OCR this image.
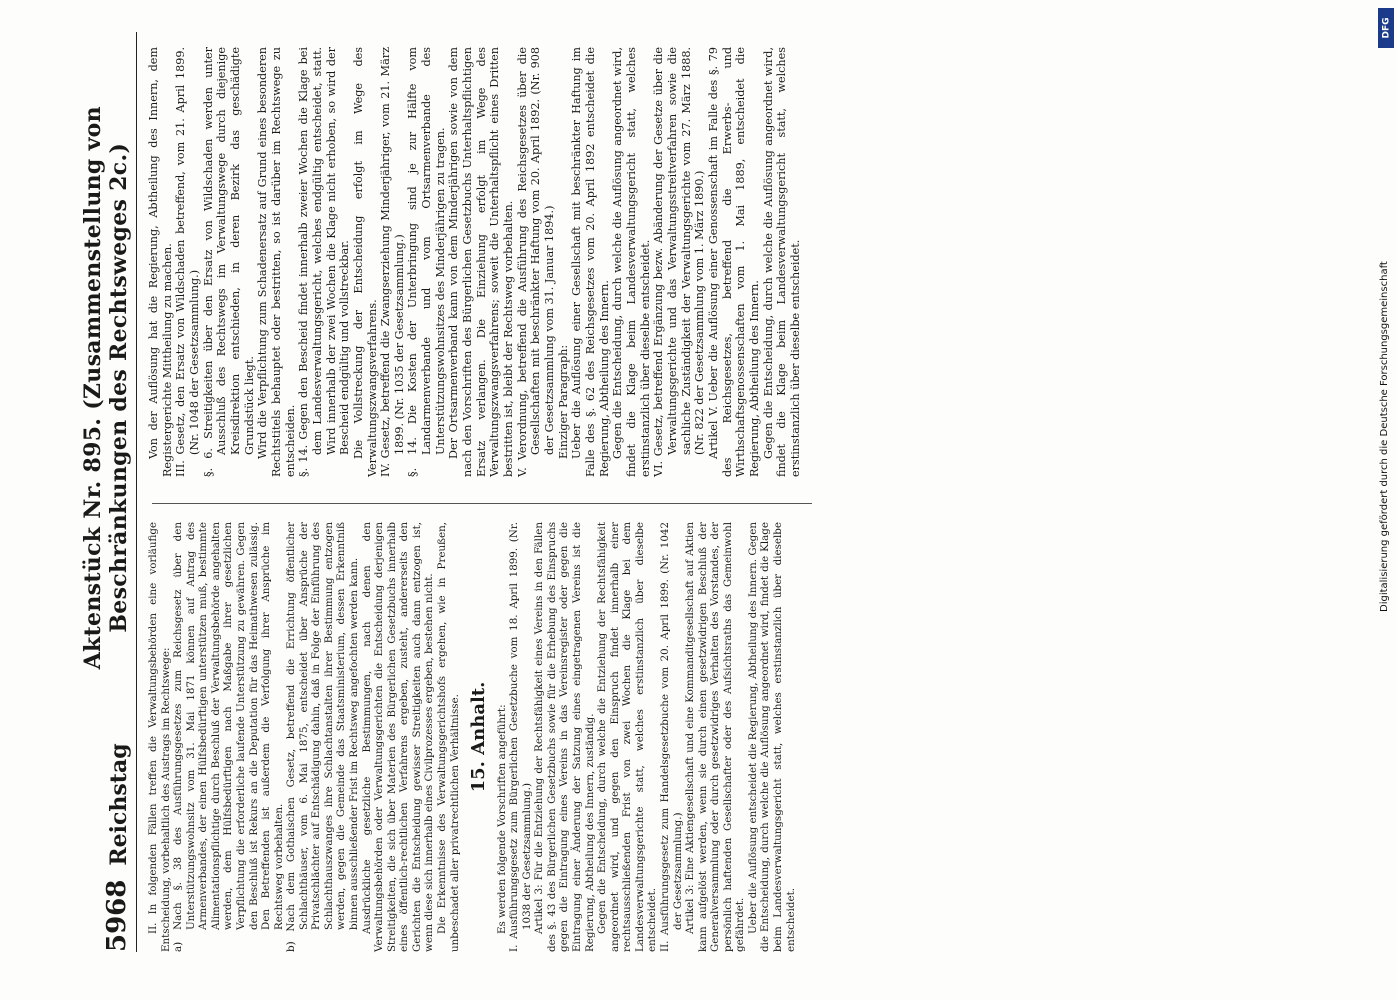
5968
Reichstag
Aktenstück Nr. 895. (Zusammenstellung von Beschränkungen des Rechtsweges 2c.)

II. In folgenden Fällen treffen die Verwaltungsbehörden eine vorläufige Entscheidung, vorbehaltlich des Austrags im Rechtswege: a) Nach §. 38 des Ausführungsgesetzes zum Reichsgesetz über den Unterstützungswohnsitz vom 31. Mai 1871 können auf Antrag des Armenverbandes, der einen Hülfsbedürftigen unterstützen muß, bestimmte Alimentationspflichtige durch Beschluß der Verwaltungsbehörde angehalten werden, dem Hülfsbedürftigen nach Maßgabe ihrer gesetzlichen Verpflichtung die erforderliche laufende Unterstützung zu gewähren. Gegen den Beschluß ist Rekurs an die Deputation für das Heimathwesen zulässig. Den Betreffenden ist außerdem die Verfolgung ihrer Ansprüche im Rechtsweg vorbehalten. b) Nach dem Gothaischen Gesetz, betreffend die Errichtung öffentlicher Schlachthäuser, vom 6. Mai 1875, entscheidet über Ansprüche der Privatschlächter auf Entschädigung dahin, daß in Folge der Einführung des Schlachthauszwanges ihre Schlachtanstalten ihrer Bestimmung entzogen werden, gegen die Gemeinde das Staatsministerium, dessen Erkenntniß binnen ausschließender Frist im Rechtsweg angefochten werden kann. Ausdrückliche gesetzliche Bestimmungen, nach denen den Verwaltungsbehörden oder Verwaltungsgerichten die Entscheidung derjenigen Streitigkeiten, die sich über Materien des Bürgerlichen Gesetzbuchs innerhalb eines öffentlich-rechtlichen Verfahrens ergeben, zusteht, andererseits den Gerichten die Entscheidung gewisser Streitigkeiten auch dann entzogen ist, wenn diese sich innerhalb eines Civilprozesses ergeben, bestehen nicht. Die Erkenntnisse des Verwaltungsgerichtshofs ergehen, wie in Preußen, unbeschadet aller privatrechtlichen Verhältnisse. 15. Anhalt. Es werden folgende Vorschriften angeführt: I. Ausführungsgesetz zum Bürgerlichen Gesetzbuche vom 18. April 1899. (Nr. 1038 der Gesetzsammlung.) Artikel 3: Für die Entziehung der Rechtsfähigkeit eines Vereins in den Fällen des §. 43 des Bürgerlichen Gesetzbuchs sowie für die Erhebung des Einspruchs gegen die Eintragung eines Vereins in das Vereinsregister oder gegen die Eintragung einer Änderung der Satzung eines eingetragenen Vereins ist die Regierung, Abtheilung des Innern, zuständig. Gegen die Entscheidung, durch welche die Entziehung der Rechtsfähigkeit angeordnet wird, und gegen den Einspruch findet innerhalb einer rechtsausschließenden Frist von zwei Wochen die Klage bei dem Landesverwaltungsgerichte statt, welches erstinstanzlich über dieselbe entscheidet. II. Ausführungsgesetz zum Handelsgesetzbuche vom 20. April 1899. (Nr. 1042 der Gesetzsammlung.) Artikel 3: Eine Aktiengesellschaft und eine Kommanditgesellschaft auf Aktien kann aufgelöst werden, wenn sie durch einen gesetzwidrigen Beschluß der Generalversammlung oder durch gesetzwidriges Verhalten des Vorstandes, der persönlich haftenden Gesellschafter oder des Aufsichtsraths das Gemeinwohl gefährdet. Ueber die Auflösung entscheidet die Regierung, Abtheilung des Innern. Gegen die Entscheidung, durch welche die Auflösung angeordnet wird, findet die Klage beim Landesverwaltungsgericht statt, welches erstinstanzlich über dieselbe entscheidet.

Von der Auflösung hat die Regierung, Abtheilung des Innern, dem Registergerichte Mittheilung zu machen. III. Gesetz, den Ersatz von Wildschaden betreffend, vom 21. April 1899. (Nr. 1048 der Gesetzsammlung.) §. 6. Streitigkeiten über den Ersatz von Wildschaden werden unter Ausschluß des Rechtswegs im Verwaltungswege durch diejenige Kreisdirektion entschieden, in deren Bezirk das geschädigte Grundstück liegt. Wird die Verpflichtung zum Schadenersatz auf Grund eines besonderen Rechtstitels behauptet oder bestritten, so ist darüber im Rechtswege zu entscheiden. §. 14. Gegen den Bescheid findet innerhalb zweier Wochen die Klage bei dem Landesverwaltungsgericht, welches endgültig entscheidet, statt. Wird innerhalb der zwei Wochen die Klage nicht erhoben, so wird der Bescheid endgültig und vollstreckbar. Die Vollstreckung der Entscheidung erfolgt im Wege des Verwaltungszwangsverfahrens. IV. Gesetz, betreffend die Zwangserziehung Minderjähriger, vom 21. März 1899. (Nr. 1035 der Gesetzsammlung.) §. 14. Die Kosten der Unterbringung sind je zur Hälfte vom Landarmenverbande und vom Ortsarmenverbande des Unterstützungswohnsitzes des Minderjährigen zu tragen. Der Ortsarmenverband kann von dem Minderjährigen sowie von dem nach den Vorschriften des Bürgerlichen Gesetzbuchs Unterhaltspflichtigen Ersatz verlangen. Die Einziehung erfolgt im Wege des Verwaltungszwangsverfahrens; soweit die Unterhaltspflicht eines Dritten bestritten ist, bleibt der Rechtsweg vorbehalten. V. Verordnung, betreffend die Ausführung des Reichsgesetzes über die Gesellschaften mit beschränkter Haftung vom 20. April 1892. (Nr. 908 der Gesetzsammlung vom 31. Januar 1894.) Einziger Paragraph: Ueber die Auflösung einer Gesellschaft mit beschränkter Haftung im Falle des §. 62 des Reichsgesetzes vom 20. April 1892 entscheidet die Regierung, Abtheilung des Innern. Gegen die Entscheidung, durch welche die Auflösung angeordnet wird, findet die Klage beim Landesverwaltungsgericht statt, welches erstinstanzlich über dieselbe entscheidet. VI. Gesetz, betreffend Ergänzung bezw. Abänderung der Gesetze über die Verwaltungsgerichte und das Verwaltungsstreitverfahren sowie die sachliche Zuständigkeit der Verwaltungsgerichte vom 27. März 1888. (Nr. 822 der Gesetzsammlung vom 1. März 1890.) Artikel V. Ueber die Auflösung einer Genossenschaft im Falle des §. 79 des Reichsgesetzes, betreffend die Erwerbs- und Wirthschaftsgenossenschaften vom 1. Mai 1889, entscheidet die Regierung, Abtheilung des Innern. Gegen die Entscheidung, durch welche die Auflösung angeordnet wird, findet die Klage beim Landesverwaltungsgericht statt, welches erstinstanzlich über dieselbe entscheidet.

DFG
Digitalisierung gefördert durch die Deutsche Forschungsgemeinschaft
